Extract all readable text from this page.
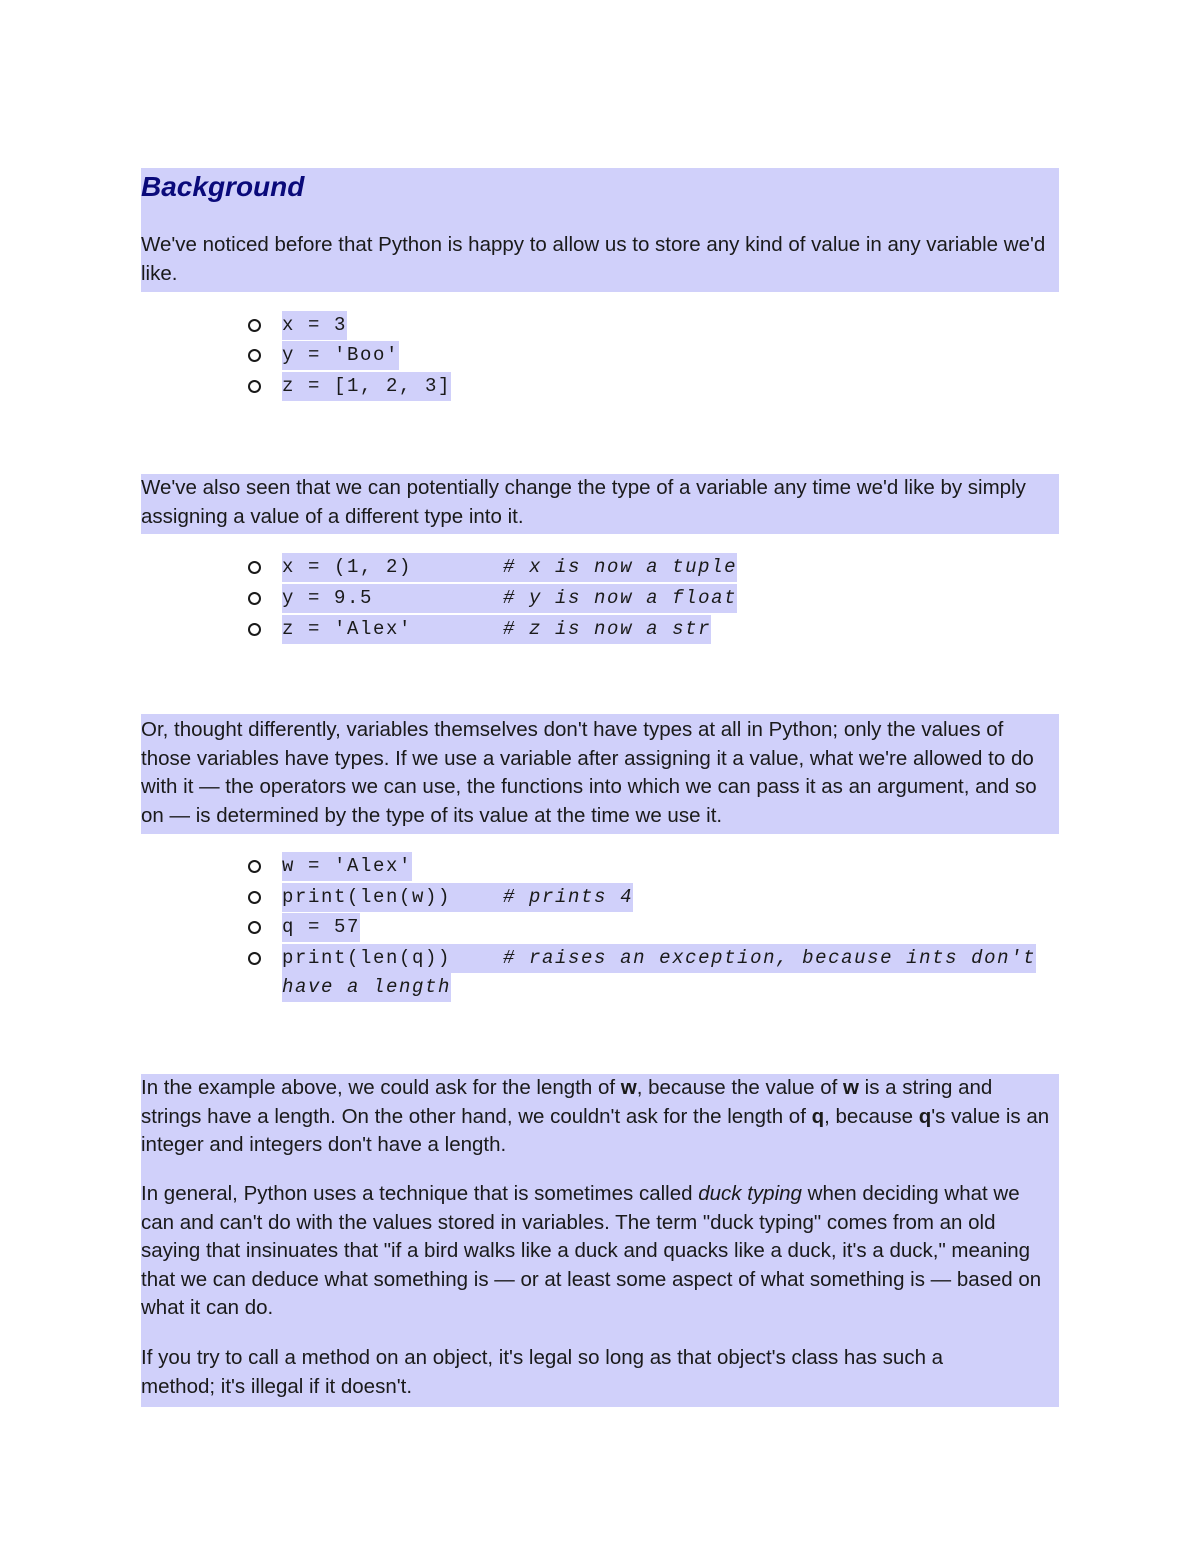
Background

We've noticed before that Python is happy to allow us to store any kind of value in any variable we'd like.

x = 3
y = 'Boo'
z = [1, 2, 3]

We've also seen that we can potentially change the type of a variable any time we'd like by simply assigning a value of a different type into it.

x = (1, 2)       # x is now a tuple
y = 9.5          # y is now a float
z = 'Alex'       # z is now a str

Or, thought differently, variables themselves don't have types at all in Python; only the values of those variables have types. If we use a variable after assigning it a value, what we're allowed to do with it — the operators we can use, the functions into which we can pass it as an argument, and so on — is determined by the type of its value at the time we use it.

w = 'Alex'
print(len(w))    # prints 4
q = 57
print(len(q))    # raises an exception, because ints don't
have a length

In the example above, we could ask for the length of w, because the value of w is a string and strings have a length. On the other hand, we couldn't ask for the length of q, because q's value is an integer and integers don't have a length.

In general, Python uses a technique that is sometimes called duck typing when deciding what we can and can't do with the values stored in variables. The term "duck typing" comes from an old saying that insinuates that "if a bird walks like a duck and quacks like a duck, it's a duck," meaning that we can deduce what something is — or at least some aspect of what something is — based on what it can do.

If you try to call a method on an object, it's legal so long as that object's class has such a method; it's illegal if it doesn't.
